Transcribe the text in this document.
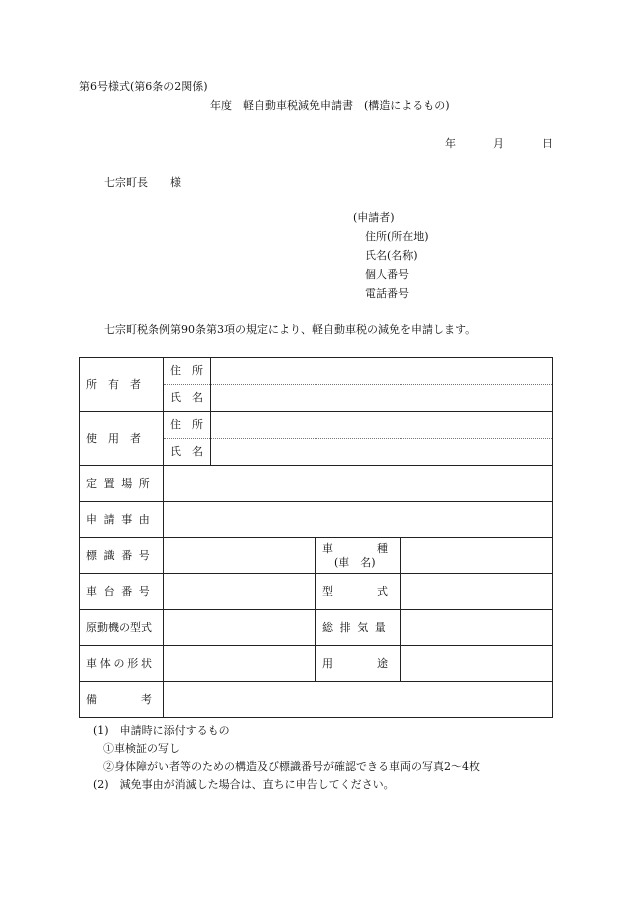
第6号様式(第6条の2関係)
年度　軽自動車税減免申請書　(構造によるもの)
年	月	日
七宗町長　　様
(申請者)
住所(所在地)
氏名(名称)
個人番号
電話番号
七宗町税条例第90条第3項の規定により、軽自動車税の減免を申請します。
所　有　者	住　所			
	氏　名			
使　用　者	住　所			
	氏　名			
定置場所				
申請事由				
標識番号			車　　　　種
(車　名)	

車台番号			型　　　　式	
原動機の型式			総排気量	
車体の形状			用　　　　途	
備　　　　考				
(1)　申請時に添付するもの
①車検証の写し
②身体障がい者等のための構造及び標識番号が確認できる車両の写真2～4枚
(2)　減免事由が消滅した場合は、直ちに申告してください。
